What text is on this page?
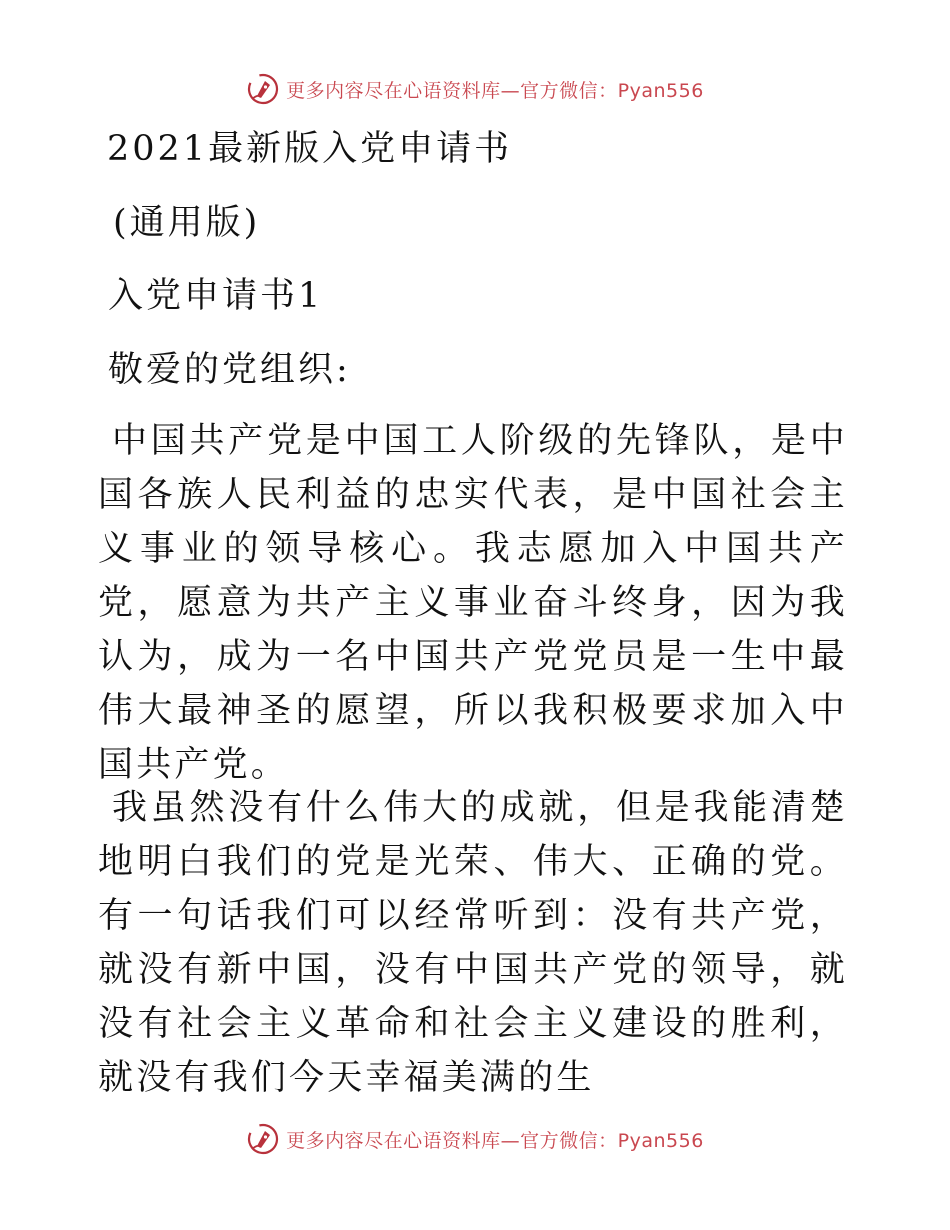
更多内容尽在心语资料库—官方微信：Pyan556
2021最新版入党申请书
(通用版)
入党申请书1
敬爱的党组织:
中国共产党是中国工人阶级的先锋队，是中国各族人民利益的忠实代表，是中国社会主义事业的领导核心。我志愿加入中国共产党，愿意为共产主义事业奋斗终身，因为我认为，成为一名中国共产党党员是一生中最伟大最神圣的愿望，所以我积极要求加入中国共产党。
我虽然没有什么伟大的成就，但是我能清楚地明白我们的党是光荣、伟大、正确的党。有一句话我们可以经常听到：没有共产党，就没有新中国，没有中国共产党的领导，就没有社会主义革命和社会主义建设的胜利，就没有我们今天幸福美满的生
更多内容尽在心语资料库—官方微信：Pyan556
